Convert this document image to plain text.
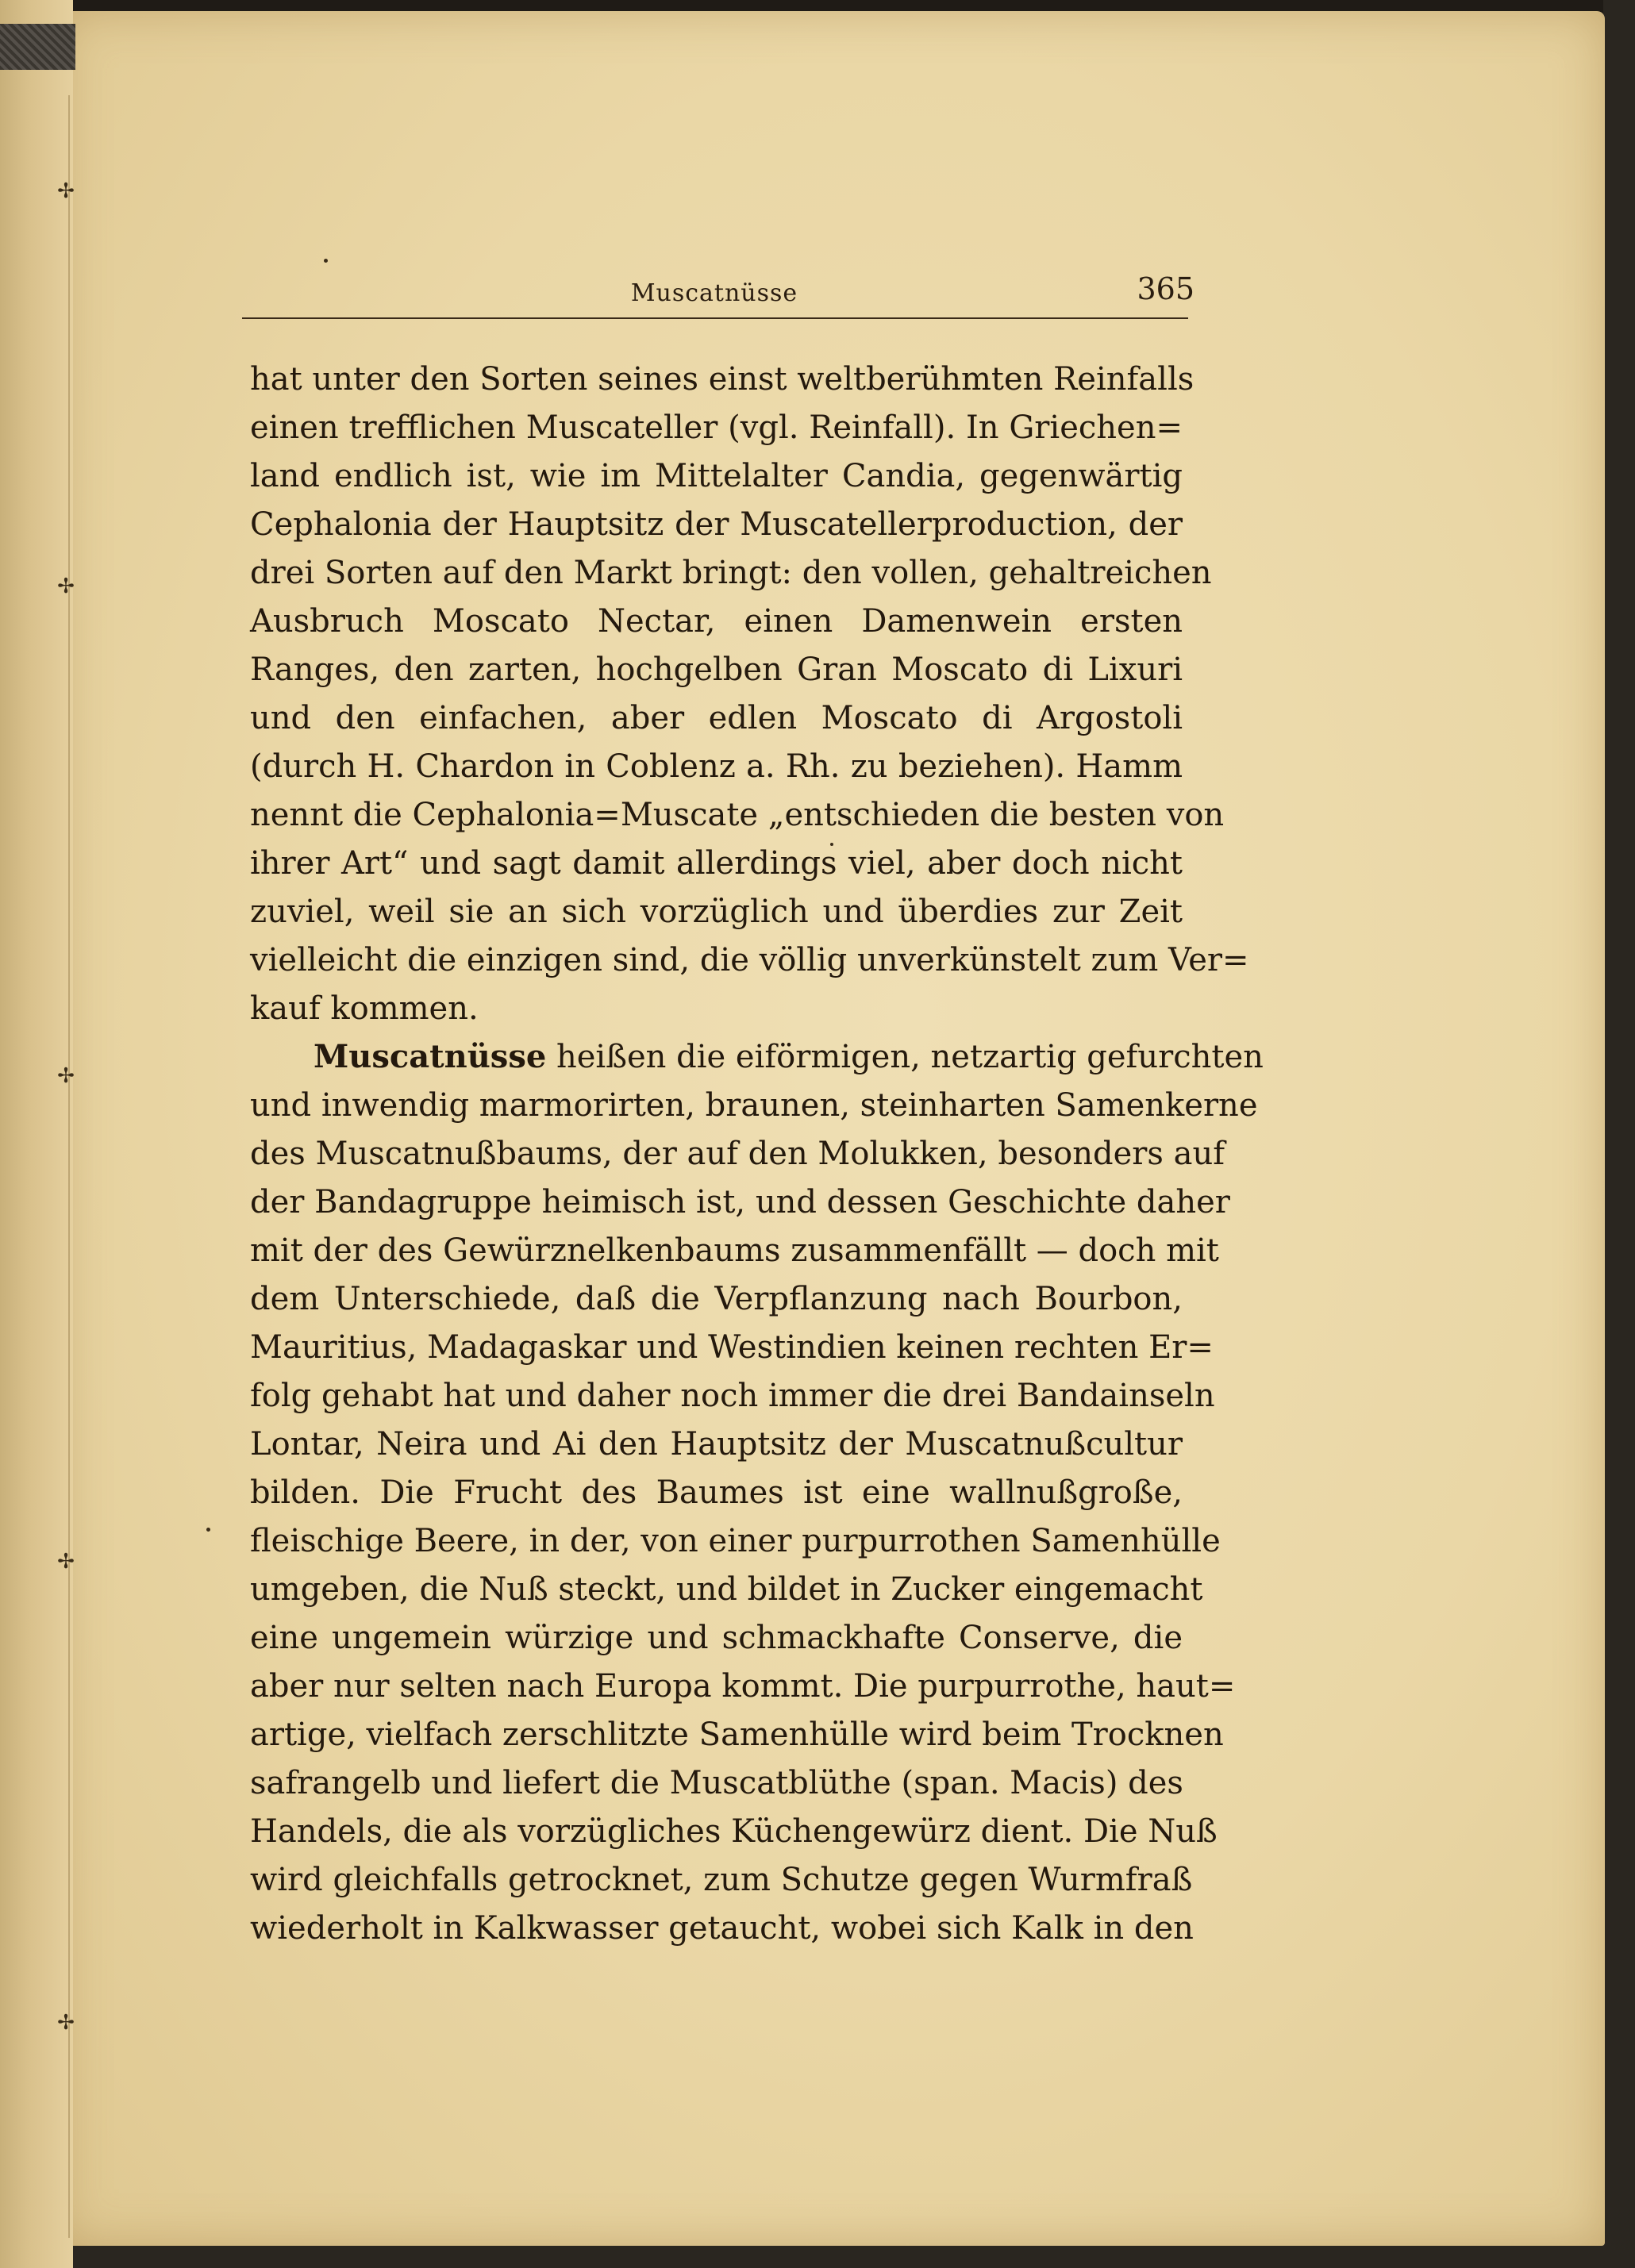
✢
✢
✢
✢
✢
Muscatnüsse	365
hat unter den Sorten seines einst weltberühmten Reinfalls
einen trefflichen Muscateller (vgl. Reinfall). In Griechen=
land endlich ist, wie im Mittelalter Candia, gegenwärtig
Cephalonia der Hauptsitz der Muscatellerproduction, der
drei Sorten auf den Markt bringt: den vollen, gehaltreichen
Ausbruch Moscato Nectar, einen Damenwein ersten
Ranges, den zarten, hochgelben Gran Moscato di Lixuri
und den einfachen, aber edlen Moscato di Argostoli
(durch H. Chardon in Coblenz a. Rh. zu beziehen). Hamm
nennt die Cephalonia=Muscate „entschieden die besten von
ihrer Art“ und sagt damit allerdings viel, aber doch nicht
zuviel, weil sie an sich vorzüglich und überdies zur Zeit
vielleicht die einzigen sind, die völlig unverkünstelt zum Ver=
kauf kommen.
Muscatnüsse heißen die eiförmigen, netzartig gefurchten
und inwendig marmorirten, braunen, steinharten Samenkerne
des Muscatnußbaums, der auf den Molukken, besonders auf
der Bandagruppe heimisch ist, und dessen Geschichte daher
mit der des Gewürznelkenbaums zusammenfällt — doch mit
dem Unterschiede, daß die Verpflanzung nach Bourbon,
Mauritius, Madagaskar und Westindien keinen rechten Er=
folg gehabt hat und daher noch immer die drei Bandainseln
Lontar, Neira und Ai den Hauptsitz der Muscatnußcultur
bilden. Die Frucht des Baumes ist eine wallnußgroße,
fleischige Beere, in der, von einer purpurrothen Samenhülle
umgeben, die Nuß steckt, und bildet in Zucker eingemacht
eine ungemein würzige und schmackhafte Conserve, die
aber nur selten nach Europa kommt. Die purpurrothe, haut=
artige, vielfach zerschlitzte Samenhülle wird beim Trocknen
safrangelb und liefert die Muscatblüthe (span. Macis) des
Handels, die als vorzügliches Küchengewürz dient. Die Nuß
wird gleichfalls getrocknet, zum Schutze gegen Wurmfraß
wiederholt in Kalkwasser getaucht, wobei sich Kalk in den
